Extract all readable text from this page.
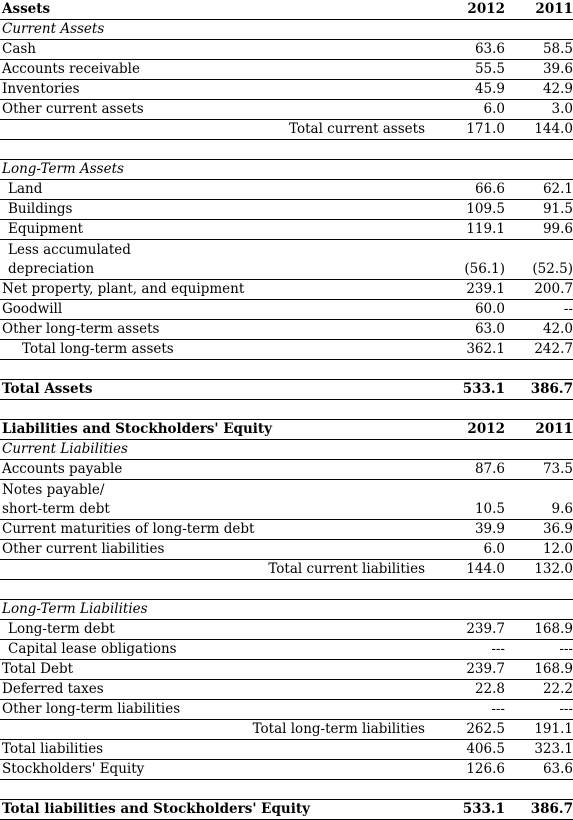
Assets	2012	2011
Current Assets		
Cash	63.6	58.5
Accounts receivable	55.5	39.6
Inventories	45.9	42.9
Other current assets	6.0	3.0
Total current assets	171.0	144.0

Long-Term Assets		
Land	66.6	62.1
Buildings	109.5	91.5
Equipment	119.1	99.6

Less accumulated
depreciation	(56.1)	(52.5)
Net property, plant, and equipment	239.1	200.7
Goodwill	60.0	--
Other long-term assets	63.0	42.0
Total long-term assets	362.1	242.7

Total Assets	533.1	386.7

Liabilities and Stockholders' Equity	2012	2011
Current Liabilities		
Accounts payable	87.6	73.5

Notes payable/
short-term debt	10.5	9.6
Current maturities of long-term debt	39.9	36.9
Other current liabilities	6.0	12.0
Total current liabilities	144.0	132.0

Long-Term Liabilities		
Long-term debt	239.7	168.9
Capital lease obligations	---	---
Total Debt	239.7	168.9
Deferred taxes	22.8	22.2
Other long-term liabilities	---	---
Total long-term liabilities	262.5	191.1
Total liabilities	406.5	323.1
Stockholders' Equity	126.6	63.6

Total liabilities and Stockholders' Equity	533.1	386.7
